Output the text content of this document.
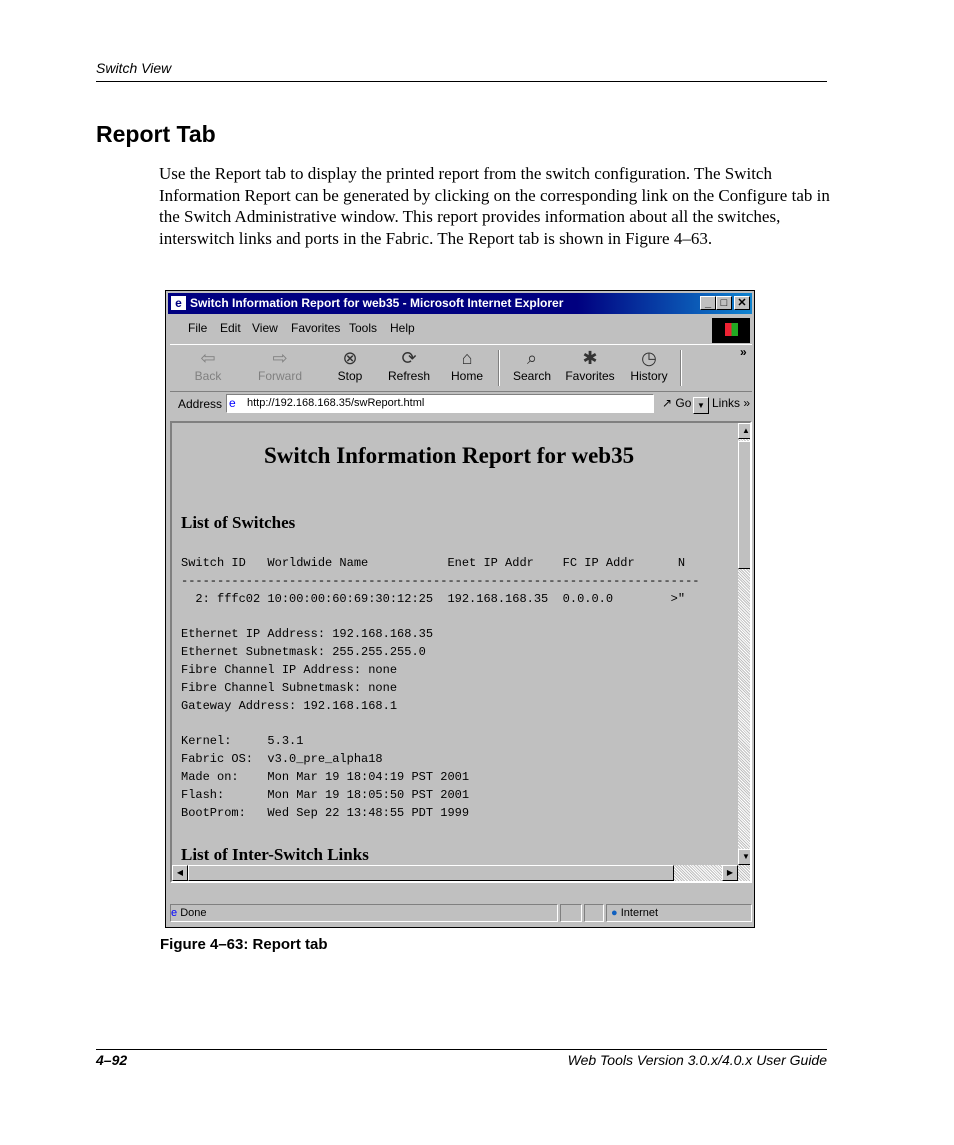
Switch View
Report Tab

Use the Report tab to display the printed report from the switch configuration. The Switch Information Report can be generated by clicking on the corresponding link on the Configure tab in the Switch Administrative window. This report provides information about all the switches, interswitch links and ports in the Fabric. The Report tab is shown in Figure 4–63.

e Switch Information Report for web35 - Microsoft Internet Explorer	_ □ ✕
File Edit View Favorites Tools Help
⇦
Back
⇨
Forward
⊗
Stop
⟳
Refresh
⌂
Home
⌕
Search
✱
Favorites
◷
History
»
Address e	http://192.168.168.35/swReport.html	▼
↗ Go Links »
Switch Information Report for web35
List of Switches
Switch ID   Worldwide Name           Enet IP Addr    FC IP Addr      N
------------------------------------------------------------------------
2: fffc02 10:00:00:60:69:30:12:25  192.168.168.35  0.0.0.0        >"
Ethernet IP Address: 192.168.168.35
Ethernet Subnetmask: 255.255.255.0
Fibre Channel IP Address: none
Fibre Channel Subnetmask: none
Gateway Address: 192.168.168.1
Kernel:     5.3.1
Fabric OS:  v3.0_pre_alpha18
Made on:    Mon Mar 19 18:04:19 PST 2001
Flash:      Mon Mar 19 18:05:50 PST 2001
BootProm:   Wed Sep 22 13:48:55 PDT 1999
List of Inter-Switch Links
▲
▼
◀	▶
e Done	● Internet
Figure 4–63: Report tab
4–92	Web Tools Version 3.0.x/4.0.x User Guide
